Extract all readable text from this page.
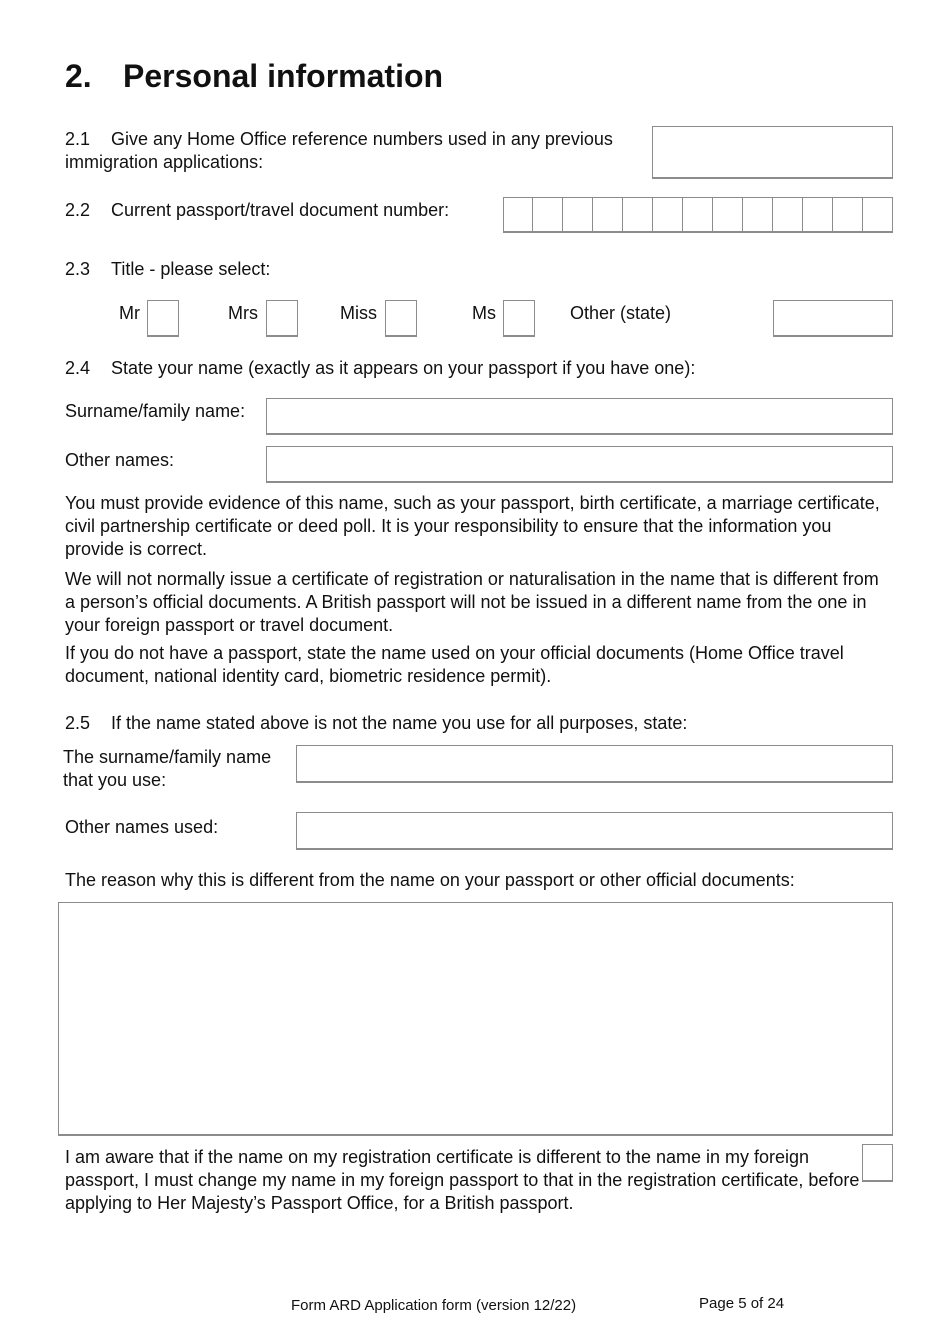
2. Personal information
2.1 Give any Home Office reference numbers used in any previous
immigration applications:
2.2 Current passport/travel document number:
2.3 Title - please select:
Mr	Mrs	Miss	Ms	Other (state)
2.4 State your name (exactly as it appears on your passport if you have one):
Surname/family name:
Other names:
You must provide evidence of this name, such as your passport, birth certificate, a marriage certificate, civil partnership certificate or deed poll. It is your responsibility to ensure that the information you provide is correct.
We will not normally issue a certificate of registration or naturalisation in the name that is different from a person’s official documents. A British passport will not be issued in a different name from the one in your foreign passport or travel document.
If you do not have a passport, state the name used on your official documents (Home Office travel document, national identity card, biometric residence permit).
2.5 If the name stated above is not the name you use for all purposes, state:
The surname/family name
that you use:
Other names used:
The reason why this is different from the name on your passport or other official documents:
I am aware that if the name on my registration certificate is different to the name in my foreign passport, I must change my name in my foreign passport to that in the registration certificate, before applying to Her Majesty’s Passport Office, for a British passport.
Form ARD Application form (version 12/22)	Page 5 of 24
